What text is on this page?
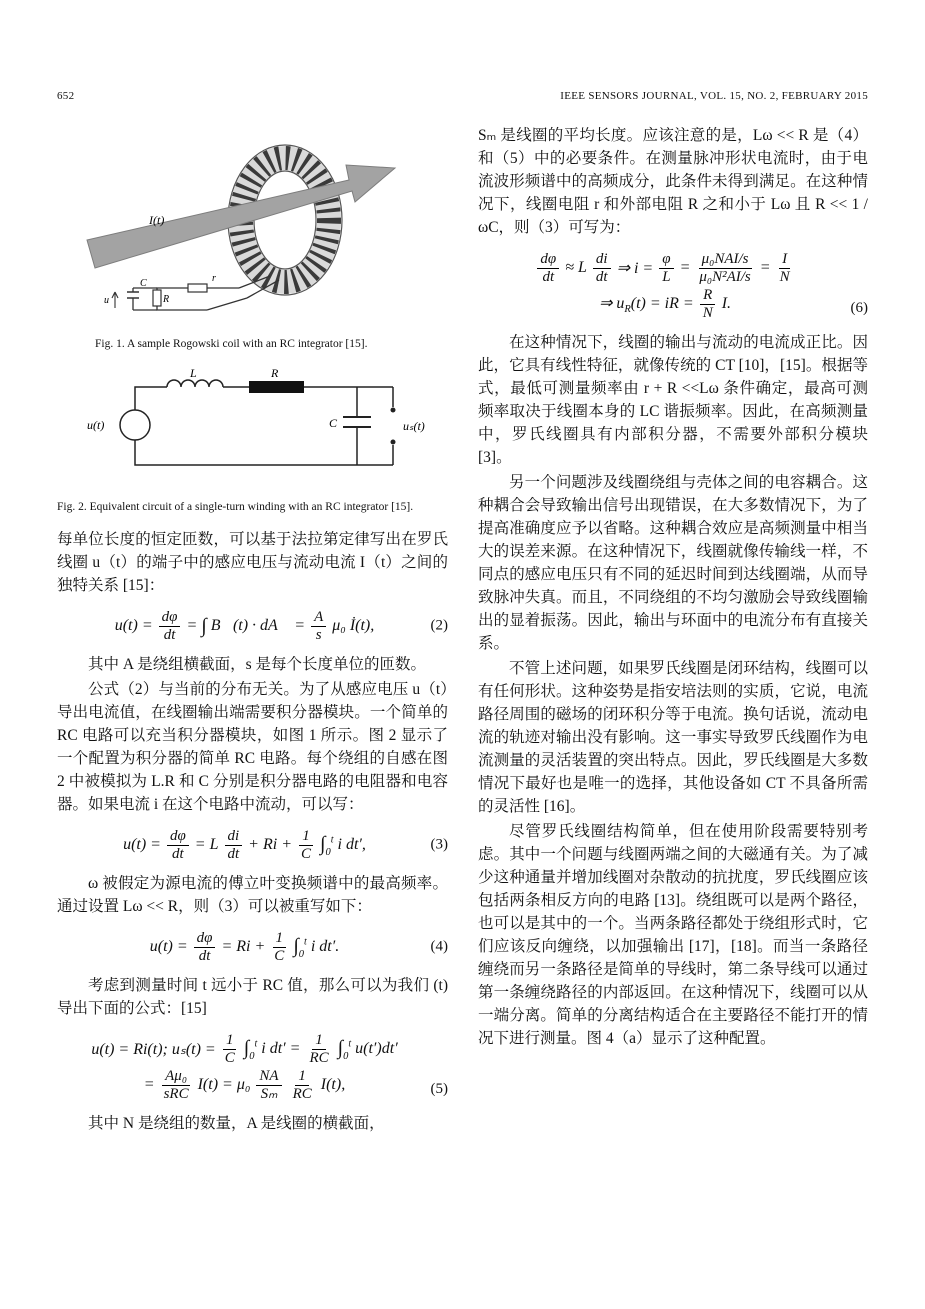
652	IEEE SENSORS JOURNAL, VOL. 15, NO. 2, FEBRUARY 2015
I(t)
u	R
C	r
Fig. 1. A sample Rogowski coil with an RC integrator [15].
u(t)
L	R
C	uₛ(t)
Fig. 2. Equivalent circuit of a single-turn winding with an RC integrator [15].

每单位长度的恒定匝数，可以基于法拉第定律写出在罗氏线圈 u（t）的端子中的感应电压与流动电流 I（t）之间的独特关系 [15]：

$u(t) = \frac{d\varphi}{dt}$ = ∫ B⃗(t) · dA⃗ = $\frac{A}{s} \mu_0$ İ(t),	(2)

其中 A 是绕组横截面，s 是每个长度单位的匝数。

公式（2）与当前的分布无关。为了从感应电压 u（t）导出电流值，在线圈输出端需要积分器模块。一个简单的 RC 电路可以充当积分器模块，如图 1 所示。图 2 显示了一个配置为积分器的简单 RC 电路。每个绕组的自感在图 2 中被模拟为 L.R 和 C 分别是积分器电路的电阻器和电容器。如果电流 i 在这个电路中流动，可以写：

$u(t) = \frac{d\varphi}{dt} = L \frac{di}{dt} + Ri + \frac{1}{C} \int_0^t$ i dt′,	(3)

ω 被假定为源电流的傅立叶变换频谱中的最高频率。通过设置 Lω << R，则（3）可以被重写如下：

$u(t) = \frac{d\varphi}{dt} = Ri + \frac{1}{C} \int_0^t$ i dt′.	(4)

考虑到测量时间 t 远小于 RC 值，那么可以为我们 (t) 导出下面的公式：[15]

u(t) = Ri(t); $u_s(t) = \frac{1}{C} \int_0^t$ i $dt' = \frac{1}{RC} \int_0^t$ u(t′)dt′
= $\frac{\text{Aμ₀}}{\text{sRC}} I(t) = \mu_0 \frac{NA}{\text{Sₘ}} \frac{1}{RC} I(t)$,	(5)

其中 N 是绕组的数量，A 是线圈的横截面，

Sₘ 是线圈的平均长度。应该注意的是，Lω << R 是（4）和（5）中的必要条件。在测量脉冲形状电流时，由于电流波形频谱中的高频成分，此条件未得到满足。在这种情况下，线圈电阻 r 和外部电阻 R 之和小于 Lω 且 R << 1 /ωC，则（3）可写为：

$\frac{d\varphi}{dt} \approx L \frac{di}{dt}$ ⇒ $i = \frac{\varphi}{L} = \frac{\text{μ₀NAI/s}}{\text{μ₀N²AI/s}} = \frac{I}{N}$
⇒ $u_R(t)$ = iR = $\frac{R}{N} I$.	(6)

在这种情况下，线圈的输出与流动的电流成正比。因此，它具有线性特征，就像传统的 CT [10]，[15]。根据等式，最低可测量频率由 r + R <<Lω 条件确定，最高可测频率取决于线圈本身的 LC 谐振频率。因此，在高频测量中，罗氏线圈具有内部积分器，不需要外部积分模块 [3]。

另一个问题涉及线圈绕组与壳体之间的电容耦合。这种耦合会导致输出信号出现错误，在大多数情况下，为了提高准确度应予以省略。这种耦合效应是高频测量中相当大的误差来源。在这种情况下，线圈就像传输线一样，不同点的感应电压只有不同的延迟时间到达线圈端，从而导致脉冲失真。而且，不同绕组的不均匀激励会导致线圈输出的显着振荡。因此，输出与环面中的电流分布有直接关系。

不管上述问题，如果罗氏线圈是闭环结构，线圈可以有任何形状。这种姿势是指安培法则的实质，它说，电流路径周围的磁场的闭环积分等于电流。换句话说，流动电流的轨迹对输出没有影响。这一事实导致罗氏线圈作为电流测量的灵活装置的突出特点。因此，罗氏线圈是大多数情况下最好也是唯一的选择，其他设备如 CT 不具备所需的灵活性 [16]。

尽管罗氏线圈结构简单，但在使用阶段需要特别考虑。其中一个问题与线圈两端之间的大磁通有关。为了减少这种通量并增加线圈对杂散动的抗扰度，罗氏线圈应该包括两条相反方向的电路 [13]。绕组既可以是两个路径，也可以是其中的一个。当两条路径都处于绕组形式时，它们应该反向缠绕，以加强输出 [17]，[18]。而当一条路径缠绕而另一条路径是简单的导线时，第二条导线可以通过第一条缠绕路径的内部返回。在这种情况下，线圈可以从一端分离。简单的分离结构适合在主要路径不能打开的情况下进行测量。图 4（a）显示了这种配置。
